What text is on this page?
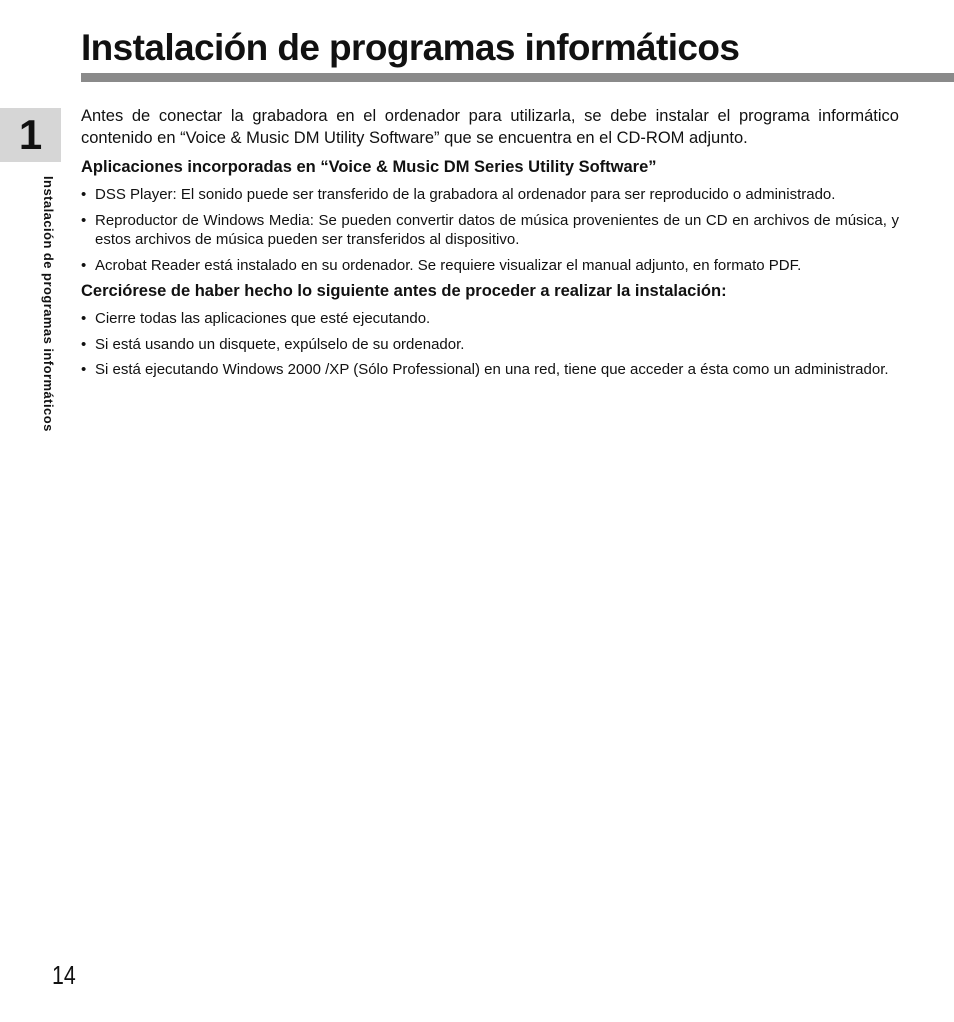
Instalación de programas informáticos
1
Instalación de programas informáticos

Antes de conectar la grabadora en el ordenador para utilizarla, se debe instalar el programa informático contenido en “Voice & Music DM Utility Software” que se encuentra en el CD-ROM adjunto.

Aplicaciones incorporadas en “Voice & Music DM Series Utility Software”
• DSS Player: El sonido puede ser transferido de la grabadora al ordenador para ser reproducido o administrado.
• Reproductor de Windows Media: Se pueden convertir datos de música provenientes de un CD en archivos de música, y estos archivos de música pueden ser transferidos al dispositivo.
• Acrobat Reader está instalado en su ordenador. Se requiere visualizar el manual adjunto, en formato PDF.
Cerciórese de haber hecho lo siguiente antes de proceder a realizar la instalación:
• Cierre todas las aplicaciones que esté ejecutando.
• Si está usando un disquete, expúlselo de su ordenador.
• Si está ejecutando Windows 2000 /XP (Sólo Professional) en una red, tiene que acceder a ésta como un administrador.
14
